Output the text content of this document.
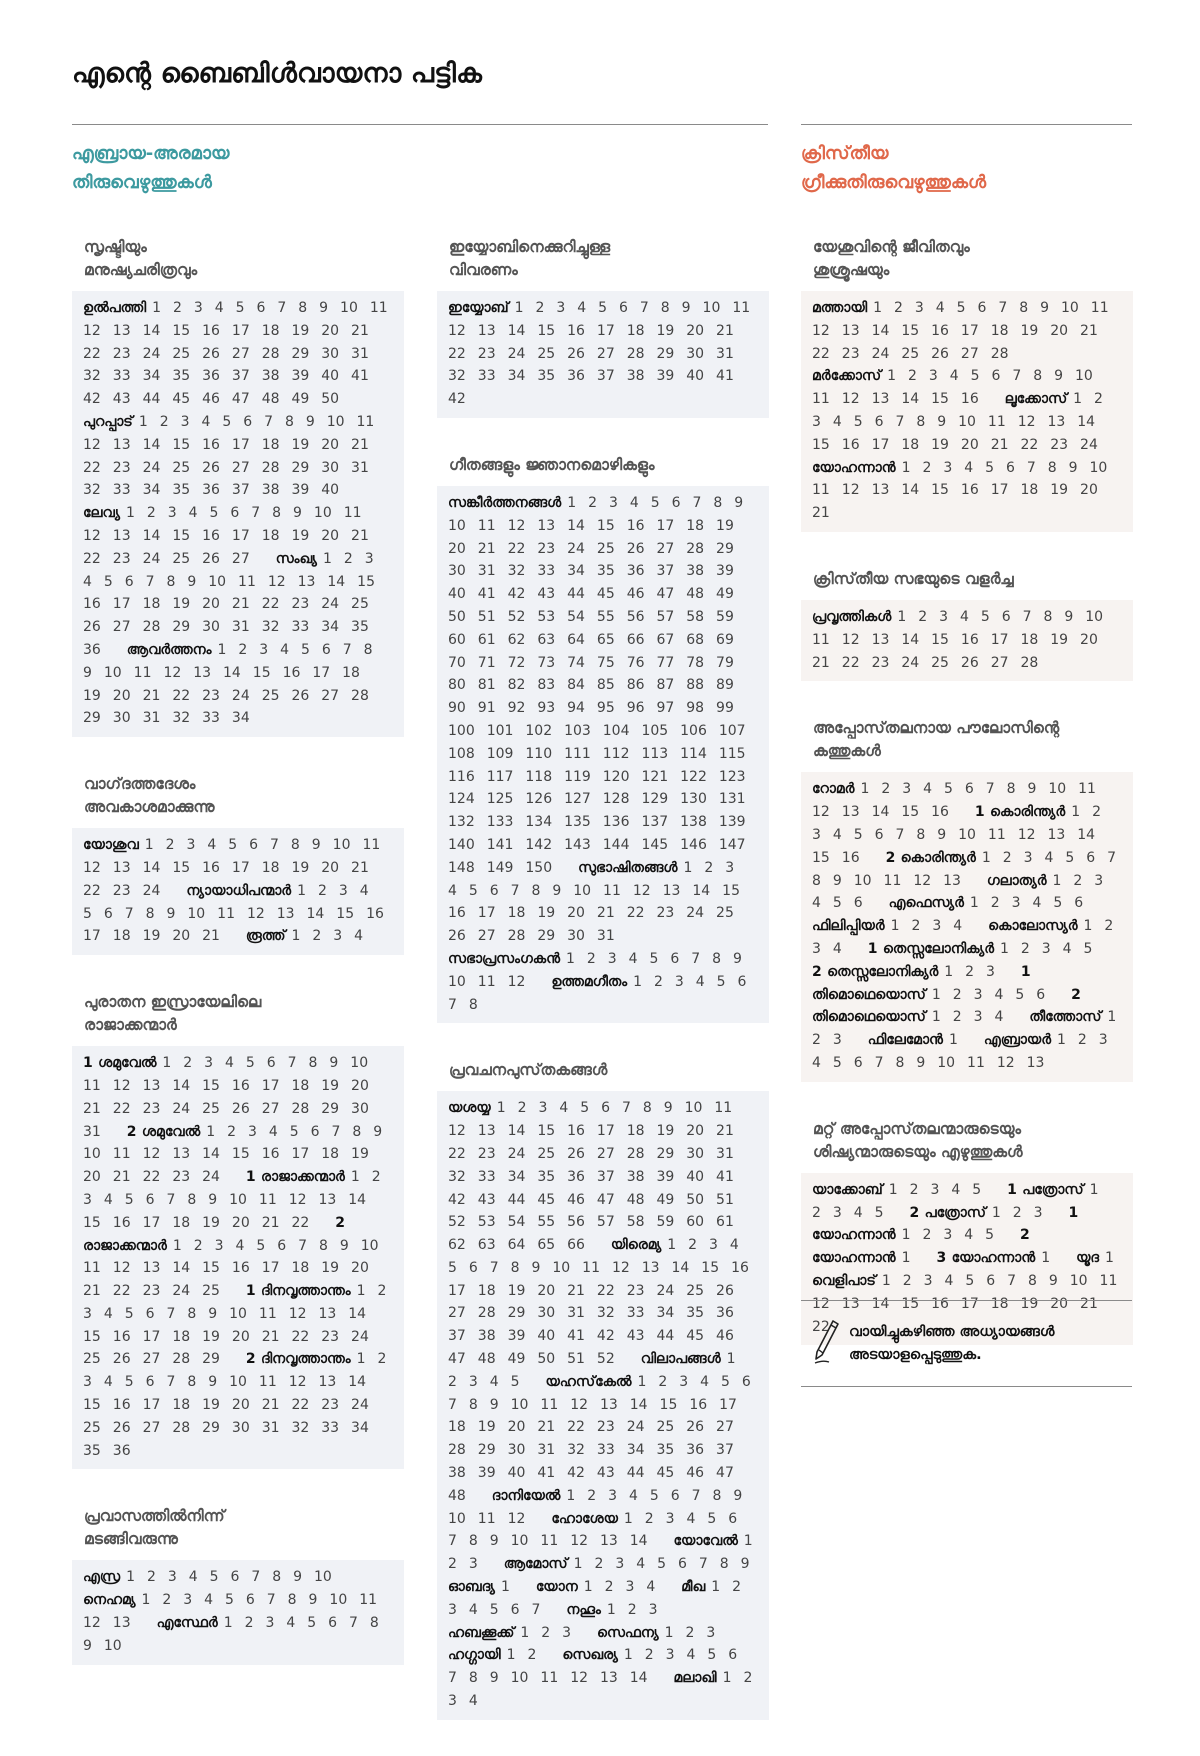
എന്റെ ബൈബിൾവായനാ പട്ടിക
എബ്രായ-അരമായ
തിരുവെഴുത്തുകൾ
ക്രിസ്‌തീയ
ഗ്രീക്കുതിരുവെഴുത്തുകൾ
സൃഷ്ടിയും
മനുഷ്യചരിത്രവും
ഉൽപത്തി 1 2 3 4 5 6 7 8 9 10 11 12 13 14 15 16 17 18 19 20 21 22 23 24 25 26 27 28 29 30 31 32 33 34 35 36 37 38 39 40 41 42 43 44 45 46 47 48 49 50 പുറപ്പാട്‌ 1 2 3 4 5 6 7 8 9 10 11 12 13 14 15 16 17 18 19 20 21 22 23 24 25 26 27 28 29 30 31 32 33 34 35 36 37 38 39 40 ലേവ്യ 1 2 3 4 5 6 7 8 9 10 11 12 13 14 15 16 17 18 19 20 21 22 23 24 25 26 27 സംഖ്യ 1 2 3 4 5 6 7 8 9 10 11 12 13 14 15 16 17 18 19 20 21 22 23 24 25 26 27 28 29 30 31 32 33 34 35 36 ആവർത്തനം 1 2 3 4 5 6 7 8 9 10 11 12 13 14 15 16 17 18 19 20 21 22 23 24 25 26 27 28 29 30 31 32 33 34
വാഗ്‌ദത്തദേശം
അവകാശമാക്കുന്നു
യോശുവ 1 2 3 4 5 6 7 8 9 10 11 12 13 14 15 16 17 18 19 20 21 22 23 24 ന്യായാധിപന്മാർ 1 2 3 4 5 6 7 8 9 10 11 12 13 14 15 16 17 18 19 20 21 രൂത്ത്‌ 1 2 3 4
പുരാതന ഇസ്രായേലിലെ
രാജാക്കന്മാർ
1 ശമുവേൽ 1 2 3 4 5 6 7 8 9 10 11 12 13 14 15 16 17 18 19 20 21 22 23 24 25 26 27 28 29 30 31 2 ശമുവേൽ 1 2 3 4 5 6 7 8 9 10 11 12 13 14 15 16 17 18 19 20 21 22 23 24 1 രാജാക്കന്മാർ 1 2 3 4 5 6 7 8 9 10 11 12 13 14 15 16 17 18 19 20 21 22 2 രാജാക്കന്മാർ 1 2 3 4 5 6 7 8 9 10 11 12 13 14 15 16 17 18 19 20 21 22 23 24 25 1 ദിനവൃത്താന്തം 1 2 3 4 5 6 7 8 9 10 11 12 13 14 15 16 17 18 19 20 21 22 23 24 25 26 27 28 29 2 ദിനവൃത്താന്തം 1 2 3 4 5 6 7 8 9 10 11 12 13 14 15 16 17 18 19 20 21 22 23 24 25 26 27 28 29 30 31 32 33 34 35 36
പ്രവാസത്തിൽനിന്ന്‌
മടങ്ങിവരുന്നു
എസ്ര 1 2 3 4 5 6 7 8 9 10 നെഹമ്യ 1 2 3 4 5 6 7 8 9 10 11 12 13 എസ്ഥേർ 1 2 3 4 5 6 7 8 9 10
ഇയ്യോബിനെക്കുറിച്ചുള്ള
വിവരണം
ഇയ്യോബ്‌ 1 2 3 4 5 6 7 8 9 10 11 12 13 14 15 16 17 18 19 20 21 22 23 24 25 26 27 28 29 30 31 32 33 34 35 36 37 38 39 40 41 42
ഗീതങ്ങളും ജ്ഞാനമൊഴികളും
സങ്കീർത്തനങ്ങൾ 1 2 3 4 5 6 7 8 9 10 11 12 13 14 15 16 17 18 19 20 21 22 23 24 25 26 27 28 29 30 31 32 33 34 35 36 37 38 39 40 41 42 43 44 45 46 47 48 49 50 51 52 53 54 55 56 57 58 59 60 61 62 63 64 65 66 67 68 69 70 71 72 73 74 75 76 77 78 79 80 81 82 83 84 85 86 87 88 89 90 91 92 93 94 95 96 97 98 99 100 101 102 103 104 105 106 107 108 109 110 111 112 113 114 115 116 117 118 119 120 121 122 123 124 125 126 127 128 129 130 131 132 133 134 135 136 137 138 139 140 141 142 143 144 145 146 147 148 149 150 സുഭാഷിതങ്ങൾ 1 2 3 4 5 6 7 8 9 10 11 12 13 14 15 16 17 18 19 20 21 22 23 24 25 26 27 28 29 30 31 സഭാപ്രസംഗകൻ 1 2 3 4 5 6 7 8 9 10 11 12 ഉത്തമഗീതം 1 2 3 4 5 6 7 8
പ്രവചനപുസ്‌തകങ്ങൾ
യശയ്യ 1 2 3 4 5 6 7 8 9 10 11 12 13 14 15 16 17 18 19 20 21 22 23 24 25 26 27 28 29 30 31 32 33 34 35 36 37 38 39 40 41 42 43 44 45 46 47 48 49 50 51 52 53 54 55 56 57 58 59 60 61 62 63 64 65 66 യിരെമ്യ 1 2 3 4 5 6 7 8 9 10 11 12 13 14 15 16 17 18 19 20 21 22 23 24 25 26 27 28 29 30 31 32 33 34 35 36 37 38 39 40 41 42 43 44 45 46 47 48 49 50 51 52 വിലാപങ്ങൾ 1 2 3 4 5 യഹസ്‌കേൽ 1 2 3 4 5 6 7 8 9 10 11 12 13 14 15 16 17 18 19 20 21 22 23 24 25 26 27 28 29 30 31 32 33 34 35 36 37 38 39 40 41 42 43 44 45 46 47 48 ദാനിയേൽ 1 2 3 4 5 6 7 8 9 10 11 12 ഹോശേയ 1 2 3 4 5 6 7 8 9 10 11 12 13 14 യോവേൽ 1 2 3 ആമോസ്‌ 1 2 3 4 5 6 7 8 9 ഓബദ്യ 1 യോന 1 2 3 4 മീഖ 1 2 3 4 5 6 7 നഹൂം 1 2 3 ഹബക്കൂക്ക്‌ 1 2 3 സെഫന്യ 1 2 3 ഹഗ്ഗായി 1 2 സെഖര്യ 1 2 3 4 5 6 7 8 9 10 11 12 13 14 മലാഖി 1 2 3 4
യേശുവിന്റെ ജീവിതവും
ശുശ്രൂഷയും
മത്തായി 1 2 3 4 5 6 7 8 9 10 11 12 13 14 15 16 17 18 19 20 21 22 23 24 25 26 27 28 മർക്കോസ്‌ 1 2 3 4 5 6 7 8 9 10 11 12 13 14 15 16 ലൂക്കോസ്‌ 1 2 3 4 5 6 7 8 9 10 11 12 13 14 15 16 17 18 19 20 21 22 23 24 യോഹന്നാൻ 1 2 3 4 5 6 7 8 9 10 11 12 13 14 15 16 17 18 19 20 21
ക്രിസ്‌തീയ സഭയുടെ വളർച്ച
പ്രവൃത്തികൾ 1 2 3 4 5 6 7 8 9 10 11 12 13 14 15 16 17 18 19 20 21 22 23 24 25 26 27 28
അപ്പോസ്‌തലനായ പൗലോസിന്റെ
കത്തുകൾ
റോമർ 1 2 3 4 5 6 7 8 9 10 11 12 13 14 15 16 1 കൊരിന്ത്യർ 1 2 3 4 5 6 7 8 9 10 11 12 13 14 15 16 2 കൊരിന്ത്യർ 1 2 3 4 5 6 7 8 9 10 11 12 13 ഗലാത്യർ 1 2 3 4 5 6 എഫെസ്യർ 1 2 3 4 5 6 ഫിലിപ്പിയർ 1 2 3 4 കൊലോസ്യർ 1 2 3 4 1 തെസ്സലോനിക്യർ 1 2 3 4 5 2 തെസ്സലോനിക്യർ 1 2 3 1 തിമൊഥെയൊസ്‌ 1 2 3 4 5 6 2 തിമൊഥെയൊസ്‌ 1 2 3 4 തീത്തോസ്‌ 1 2 3 ഫിലേമോൻ 1 എബ്രായർ 1 2 3 4 5 6 7 8 9 10 11 12 13
മറ്റ്‌ അപ്പോസ്‌തലന്മാരുടെയും
ശിഷ്യന്മാരുടെയും എഴുത്തുകൾ
യാക്കോബ്‌ 1 2 3 4 5 1 പത്രോസ്‌ 1 2 3 4 5 2 പത്രോസ്‌ 1 2 3 1 യോഹന്നാൻ 1 2 3 4 5 2 യോഹന്നാൻ 1 3 യോഹന്നാൻ 1 യൂദ 1 വെളിപാട്‌ 1 2 3 4 5 6 7 8 9 10 11 12 13 14 15 16 17 18 19 20 21 22	വായിച്ചുകഴിഞ്ഞ അധ്യായങ്ങൾ
അടയാളപ്പെടുത്തുക.
